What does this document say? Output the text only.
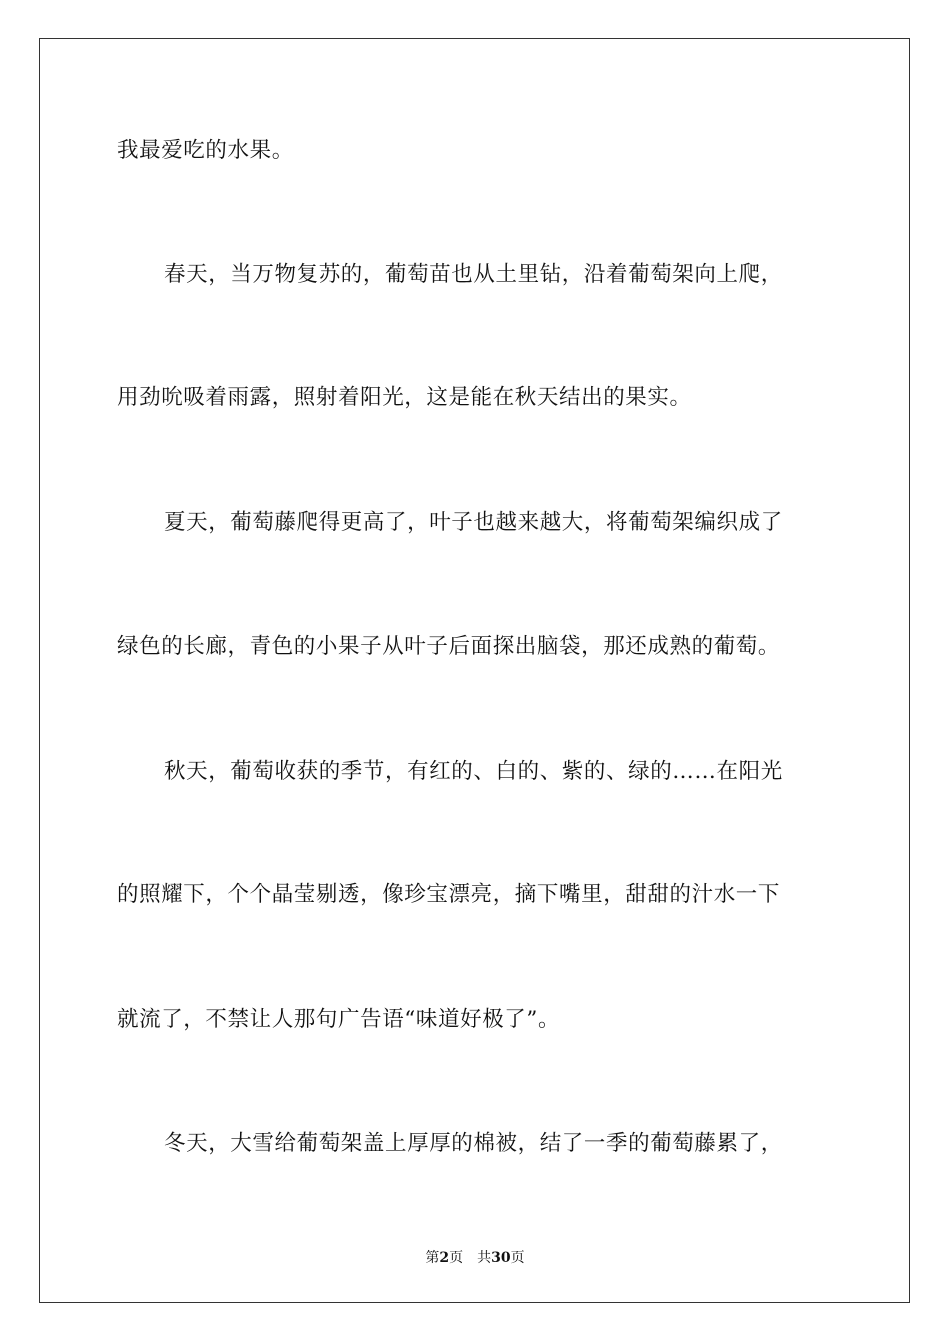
我最爱吃的水果。
春天，当万物复苏的，葡萄苗也从土里钻，沿着葡萄架向上爬，
用劲吮吸着雨露，照射着阳光，这是能在秋天结出的果实。
夏天，葡萄藤爬得更高了，叶子也越来越大，将葡萄架编织成了
绿色的长廊，青色的小果子从叶子后面探出脑袋，那还成熟的葡萄。
秋天，葡萄收获的季节，有红的、白的、紫的、绿的……在阳光
的照耀下，个个晶莹剔透，像珍宝漂亮，摘下嘴里，甜甜的汁水一下
就流了，不禁让人那句广告语“味道好极了”。
冬天，大雪给葡萄架盖上厚厚的棉被，结了一季的葡萄藤累了，
第2页 共30页
